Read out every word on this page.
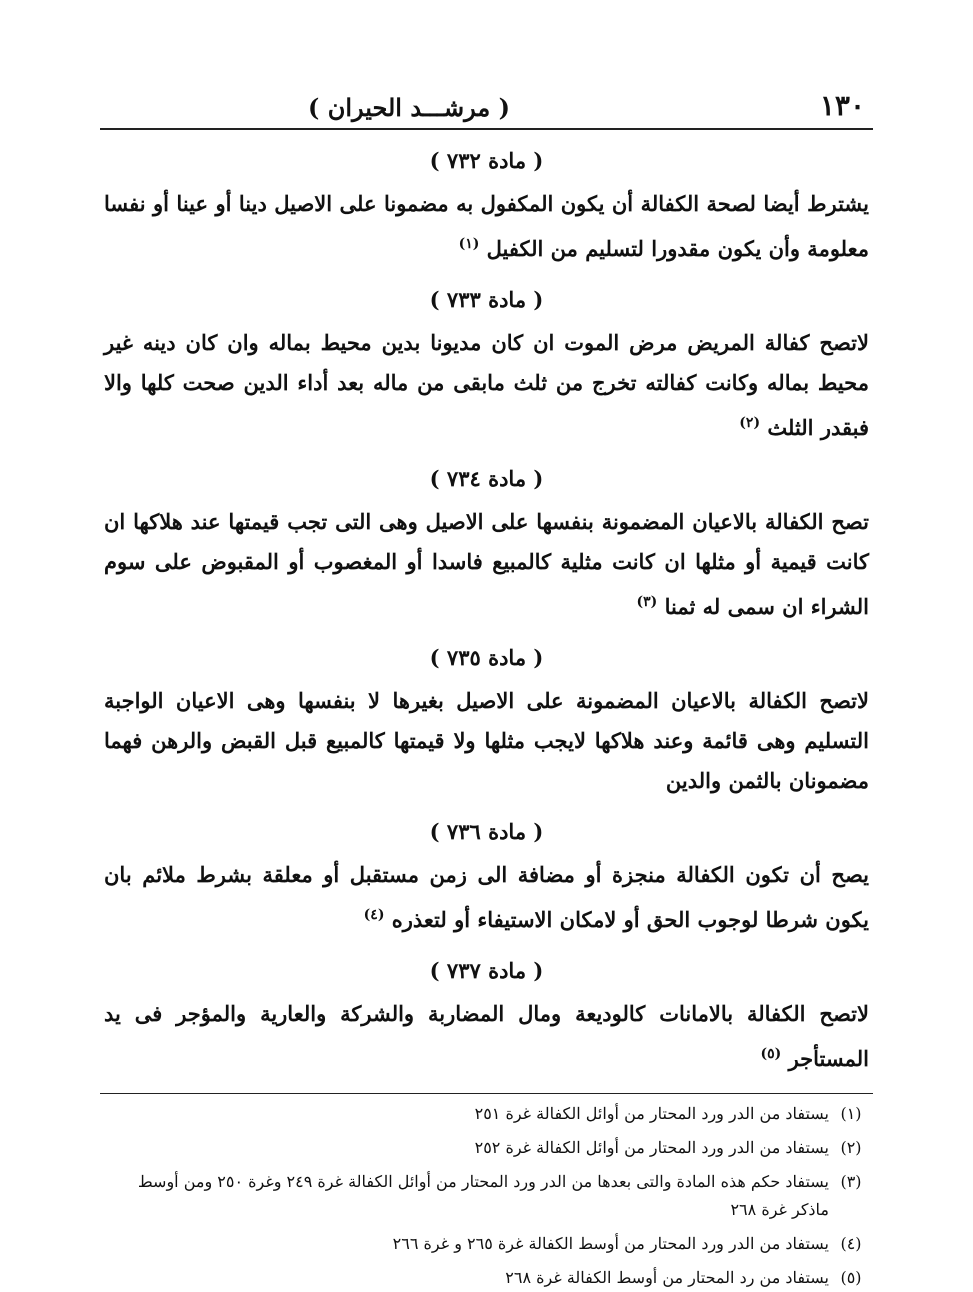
١٣٠
( مرشـــد الحيران )
( مادة ٧٣٢ )
يشترط أيضا لصحة الكفالة أن يكون المكفول به مضمونا على الاصيل دينا أو عينا أو نفسا معلومة وأن يكون مقدورا لتسليم من الكفيل $^{(١)}$
( مادة ٧٣٣ )
لاتصح كفالة المريض مرض الموت ان كان مديونا بدين محيط بماله وان كان دينه غير محيط بماله وكانت كفالته تخرج من ثلث مابقى من ماله بعد أداء الدين صحت كلها والا فبقدر الثلث $^{(٢)}$
( مادة ٧٣٤ )
تصح الكفالة بالاعيان المضمونة بنفسها على الاصيل وهى التى تجب قيمتها عند هلاكها ان كانت قيمية أو مثلها ان كانت مثلية كالمبيع فاسدا أو المغصوب أو المقبوض على سوم الشراء ان سمى له ثمنا $^{(٣)}$
( مادة ٧٣٥ )
لاتصح الكفالة بالاعيان المضمونة على الاصيل بغيرها لا بنفسها وهى الاعيان الواجبة التسليم وهى قائمة وعند هلاكها لايجب مثلها ولا قيمتها كالمبيع قبل القبض والرهن فهما مضمونان بالثمن والدين
( مادة ٧٣٦ )
يصح أن تكون الكفالة منجزة أو مضافة الى زمن مستقبل أو معلقة بشرط ملائم بان يكون شرطا لوجوب الحق أو لامكان الاستيفاء أو لتعذره $^{(٤)}$
( مادة ٧٣٧ )
لاتصح الكفالة بالامانات كالوديعة ومال المضاربة والشركة والعارية والمؤجر فى يد المستأجر $^{(٥)}$
(١)
يستفاد من الدر ورد المحتار من أوائل الكفالة غرة ٢٥١
(٢)
يستفاد من الدر ورد المحتار من أوائل الكفالة غرة ٢٥٢
(٣)
يستفاد حكم هذه المادة والتى بعدها من الدر ورد المحتار من أوائل الكفالة غرة ٢٤٩ وغرة ٢٥٠ ومن أوسط ماذكر غرة ٢٦٨
(٤)
يستفاد من الدر ورد المحتار من أوسط الكفالة غرة ٢٦٥ و غرة ٢٦٦
(٥)
يستفاد من رد المحتار من أوسط الكفالة غرة ٢٦٨
